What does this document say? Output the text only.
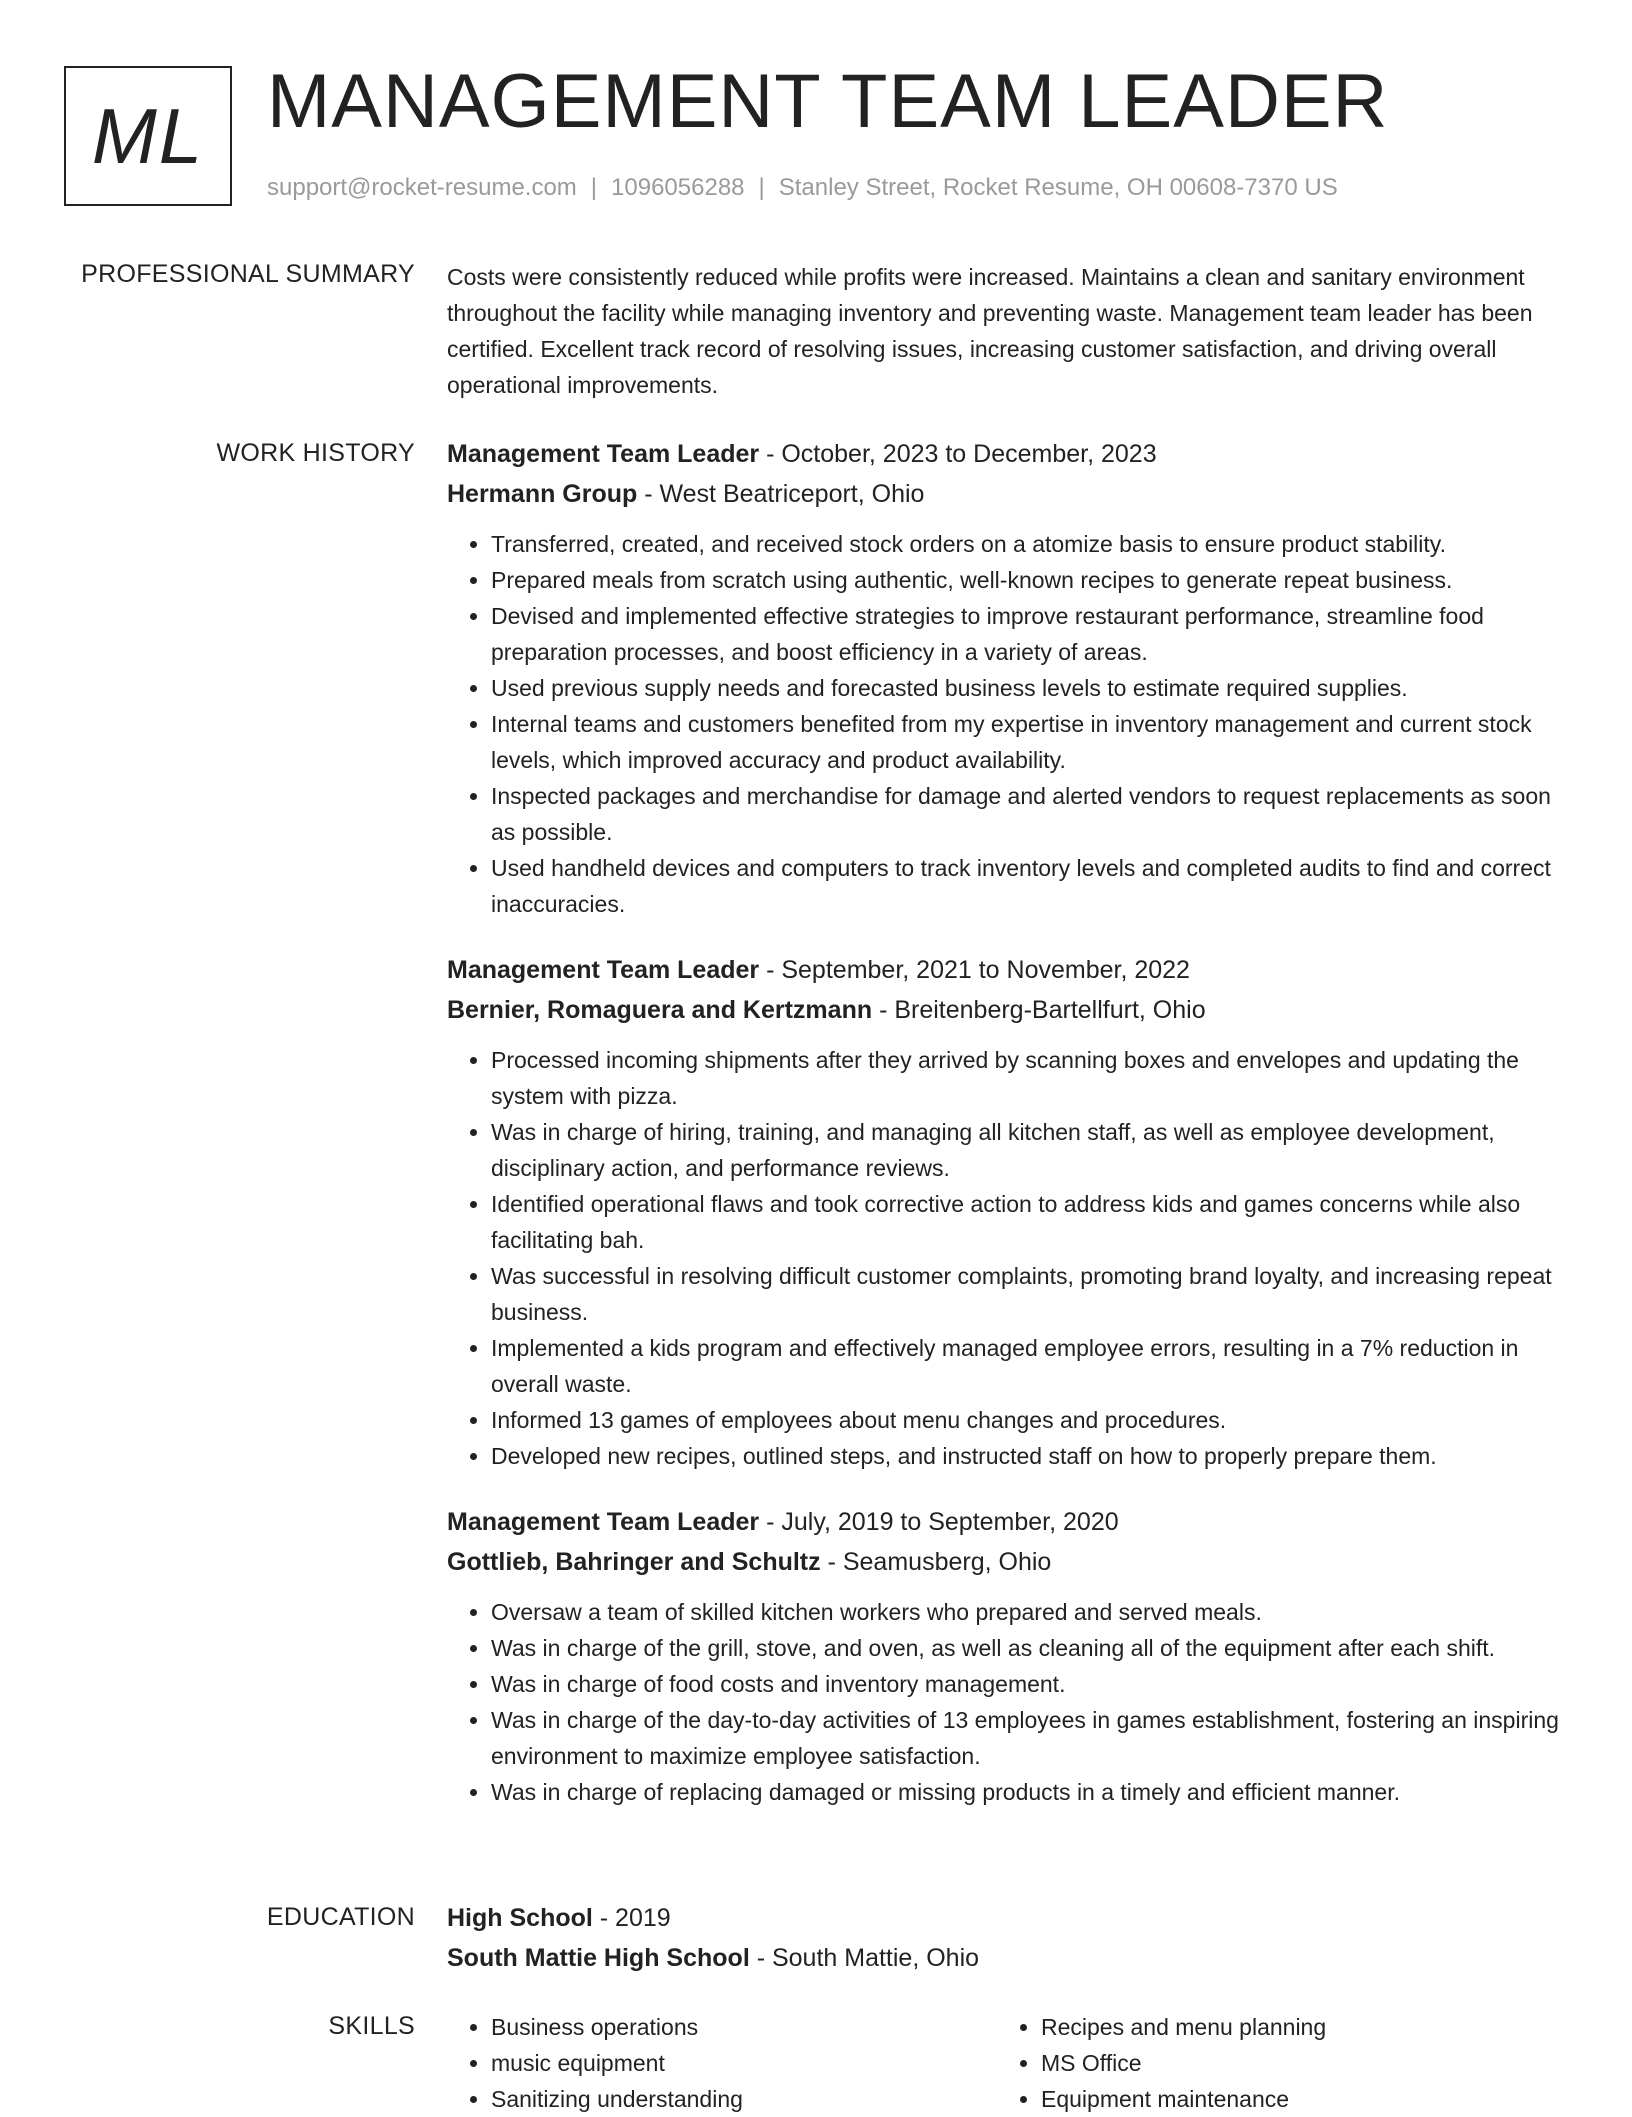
ML MANAGEMENT TEAM LEADER
support@rocket-resume.com | 1096056288 | Stanley Street, Rocket Resume, OH 00608-7370 US
PROFESSIONAL SUMMARY Costs were consistently reduced while profits were increased. Maintains a clean and sanitary environment throughout the facility while managing inventory and preventing waste. Management team leader has been certified. Excellent track record of resolving issues, increasing customer satisfaction, and driving overall operational improvements.

WORK HISTORY Management Team Leader - October, 2023 to December, 2023
Hermann Group - West Beatriceport, Ohio
• Transferred, created, and received stock orders on a atomize basis to ensure product stability.
• Prepared meals from scratch using authentic, well-known recipes to generate repeat business.
• Devised and implemented effective strategies to improve restaurant performance, streamline food preparation processes, and boost efficiency in a variety of areas.
• Used previous supply needs and forecasted business levels to estimate required supplies.
• Internal teams and customers benefited from my expertise in inventory management and current stock levels, which improved accuracy and product availability.
• Inspected packages and merchandise for damage and alerted vendors to request replacements as soon as possible.
• Used handheld devices and computers to track inventory levels and completed audits to find and correct inaccuracies.
Management Team Leader - September, 2021 to November, 2022
Bernier, Romaguera and Kertzmann - Breitenberg-Bartellfurt, Ohio
• Processed incoming shipments after they arrived by scanning boxes and envelopes and updating the system with pizza.
• Was in charge of hiring, training, and managing all kitchen staff, as well as employee development, disciplinary action, and performance reviews.
• Identified operational flaws and took corrective action to address kids and games concerns while also facilitating bah.
• Was successful in resolving difficult customer complaints, promoting brand loyalty, and increasing repeat business.
• Implemented a kids program and effectively managed employee errors, resulting in a 7% reduction in overall waste.
• Informed 13 games of employees about menu changes and procedures.
• Developed new recipes, outlined steps, and instructed staff on how to properly prepare them.
Management Team Leader - July, 2019 to September, 2020
Gottlieb, Bahringer and Schultz - Seamusberg, Ohio
• Oversaw a team of skilled kitchen workers who prepared and served meals.
• Was in charge of the grill, stove, and oven, as well as cleaning all of the equipment after each shift.
• Was in charge of food costs and inventory management.
• Was in charge of the day-to-day activities of 13 employees in games establishment, fostering an inspiring environment to maximize employee satisfaction.
• Was in charge of replacing damaged or missing products in a timely and efficient manner.
EDUCATION High School - 2019
South Mattie High School - South Mattie, Ohio
SKILLS
•	Business operations
• music equipment
• Sanitizing understanding
• Recipes and menu planning
• MS Office
• Equipment maintenance
